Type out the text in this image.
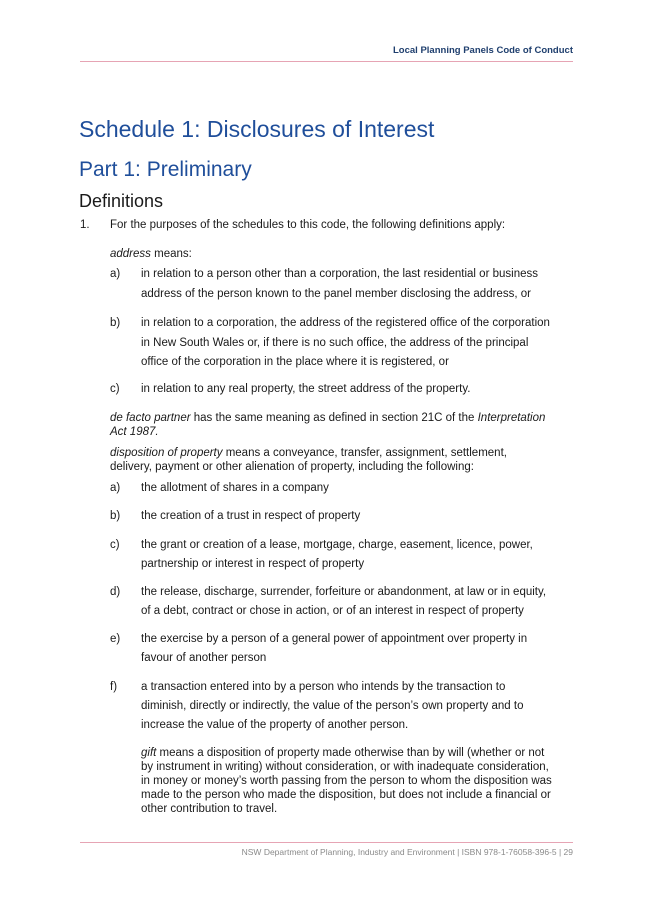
Local Planning Panels Code of Conduct
Schedule 1: Disclosures of Interest
Part 1: Preliminary
Definitions
1. For the purposes of the schedules to this code, the following definitions apply:
address means:
a) in relation to a person other than a corporation, the last residential or business
address of the person known to the panel member disclosing the address, or
b) in relation to a corporation, the address of the registered office of the corporation
in New South Wales or, if there is no such office, the address of the principal
office of the corporation in the place where it is registered, or
c) in relation to any real property, the street address of the property.
de facto partner has the same meaning as defined in section 21C of the Interpretation
Act 1987.
disposition of property means a conveyance, transfer, assignment, settlement,
delivery, payment or other alienation of property, including the following:
a) the allotment of shares in a company
b) the creation of a trust in respect of property
c) the grant or creation of a lease, mortgage, charge, easement, licence, power,
partnership or interest in respect of property
d) the release, discharge, surrender, forfeiture or abandonment, at law or in equity,
of a debt, contract or chose in action, or of an interest in respect of property
e) the exercise by a person of a general power of appointment over property in
favour of another person
f) a transaction entered into by a person who intends by the transaction to
diminish, directly or indirectly, the value of the person’s own property and to
increase the value of the property of another person.
gift means a disposition of property made otherwise than by will (whether or not
by instrument in writing) without consideration, or with inadequate consideration,
in money or money’s worth passing from the person to whom the disposition was
made to the person who made the disposition, but does not include a financial or
other contribution to travel.
NSW Department of Planning, Industry and Environment | ISBN 978-1-76058-396-5 | 29
